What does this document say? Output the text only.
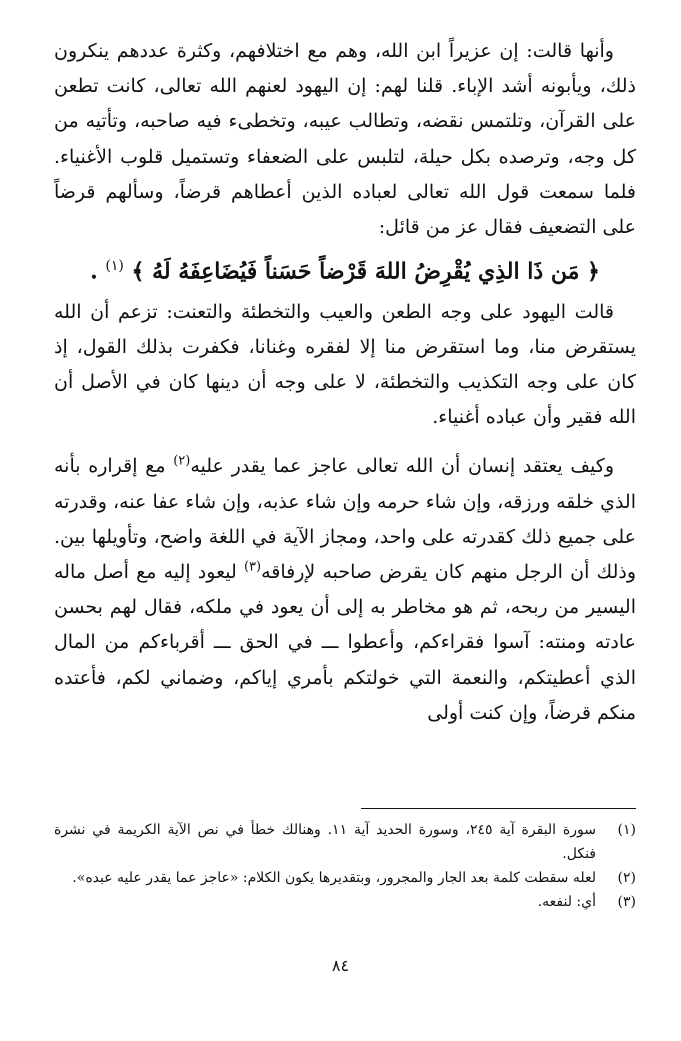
وأنها قالت: إن عزيراً ابن الله، وهم مع اختلافهم، وكثرة عددهم ينكرون ذلك، ويأبونه أشد الإباء. قلنا لهم: إن اليهود لعنهم الله تعالى، كانت تطعن على القرآن، وتلتمس نقضه، وتطالب عيبه، وتخطىء فيه صاحبه، وتأتيه من كل وجه، وترصده بكل حيلة، لتلبس على الضعفاء وتستميل قلوب الأغنياء. فلما سمعت قول الله تعالى لعباده الذين أعطاهم قرضاً، وسألهم قرضاً على التضعيف فقال عز من قائل:

﴿ مَن ذَا الذِي يُقْرِضُ اللهَ قَرْضاً حَسَناً فَيُضَاعِفَهُ لَهُ ﴾ $^{(١)}$ .

قالت اليهود على وجه الطعن والعيب والتخطئة والتعنت: تزعم أن الله يستقرض منا، وما استقرض منا إلا لفقره وغنانا، فكفرت بذلك القول، إذ كان على وجه التكذيب والتخطئة، لا على وجه أن دينها كان في الأصل أن الله فقير وأن عباده أغنياء.

وكيف يعتقد إنسان أن الله تعالى عاجز عما يقدر عليه$^{(٢)}$ مع إقراره بأنه الذي خلقه ورزقه، وإن شاء حرمه وإن شاء عذبه، وإن شاء عفا عنه، وقدرته على جميع ذلك كقدرته على واحد، ومجاز الآية في اللغة واضح، وتأويلها بين. وذلك أن الرجل منهم كان يقرض صاحبه لإرفاقه$^{(٣)}$ ليعود إليه مع أصل ماله اليسير من ربحه، ثم هو مخاطر به إلى أن يعود في ملكه، فقال لهم بحسن عادته ومنته: آسوا فقراءكم، وأعطوا ـــ في الحق ـــ أقرباءكم من المال الذي أعطيتكم، والنعمة التي خولتكم بأمري إياكم، وضماني لكم، فأعتده منكم قرضاً، وإن كنت أولى

(١)
سورة البقرة آية ٢٤٥، وسورة الحديد آية ١١. وهنالك خطأ في نص الآية الكريمة في نشرة فنكل.
(٢)
لعله سقطت كلمة بعد الجار والمجرور، وبتقديرها يكون الكلام: «عاجز عما يقدر عليه عبده».
(٣)
أي: لنفعه.
٨٤
